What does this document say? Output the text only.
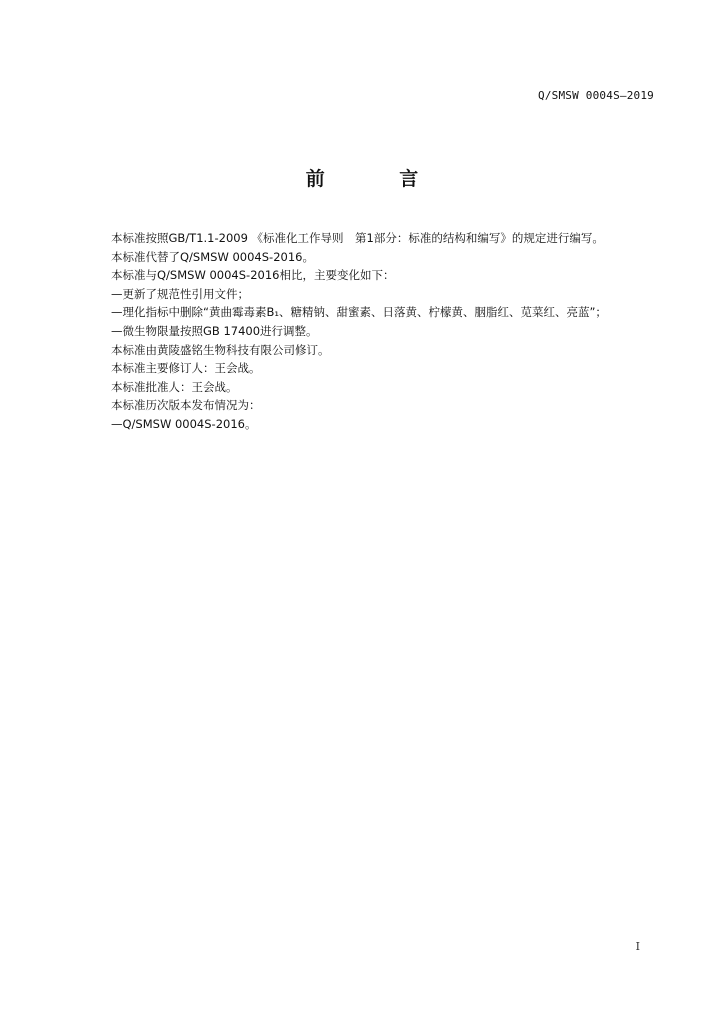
Q/SMSW 0004S—2019
前 言
本标准按照GB/T1.1-2009 《标准化工作导则　第1部分：标准的结构和编写》的规定进行编写。
本标准代替了Q/SMSW 0004S-2016。
本标准与Q/SMSW 0004S-2016相比，主要变化如下：
—更新了规范性引用文件；
—理化指标中删除“黄曲霉毒素B₁、糖精钠、甜蜜素、日落黄、柠檬黄、胭脂红、苋菜红、亮蓝”；
—微生物限量按照GB 17400进行调整。
本标准由黄陵盛铭生物科技有限公司修订。
本标准主要修订人：王会战。
本标准批准人：王会战。
本标准历次版本发布情况为：
—Q/SMSW 0004S-2016。
I
